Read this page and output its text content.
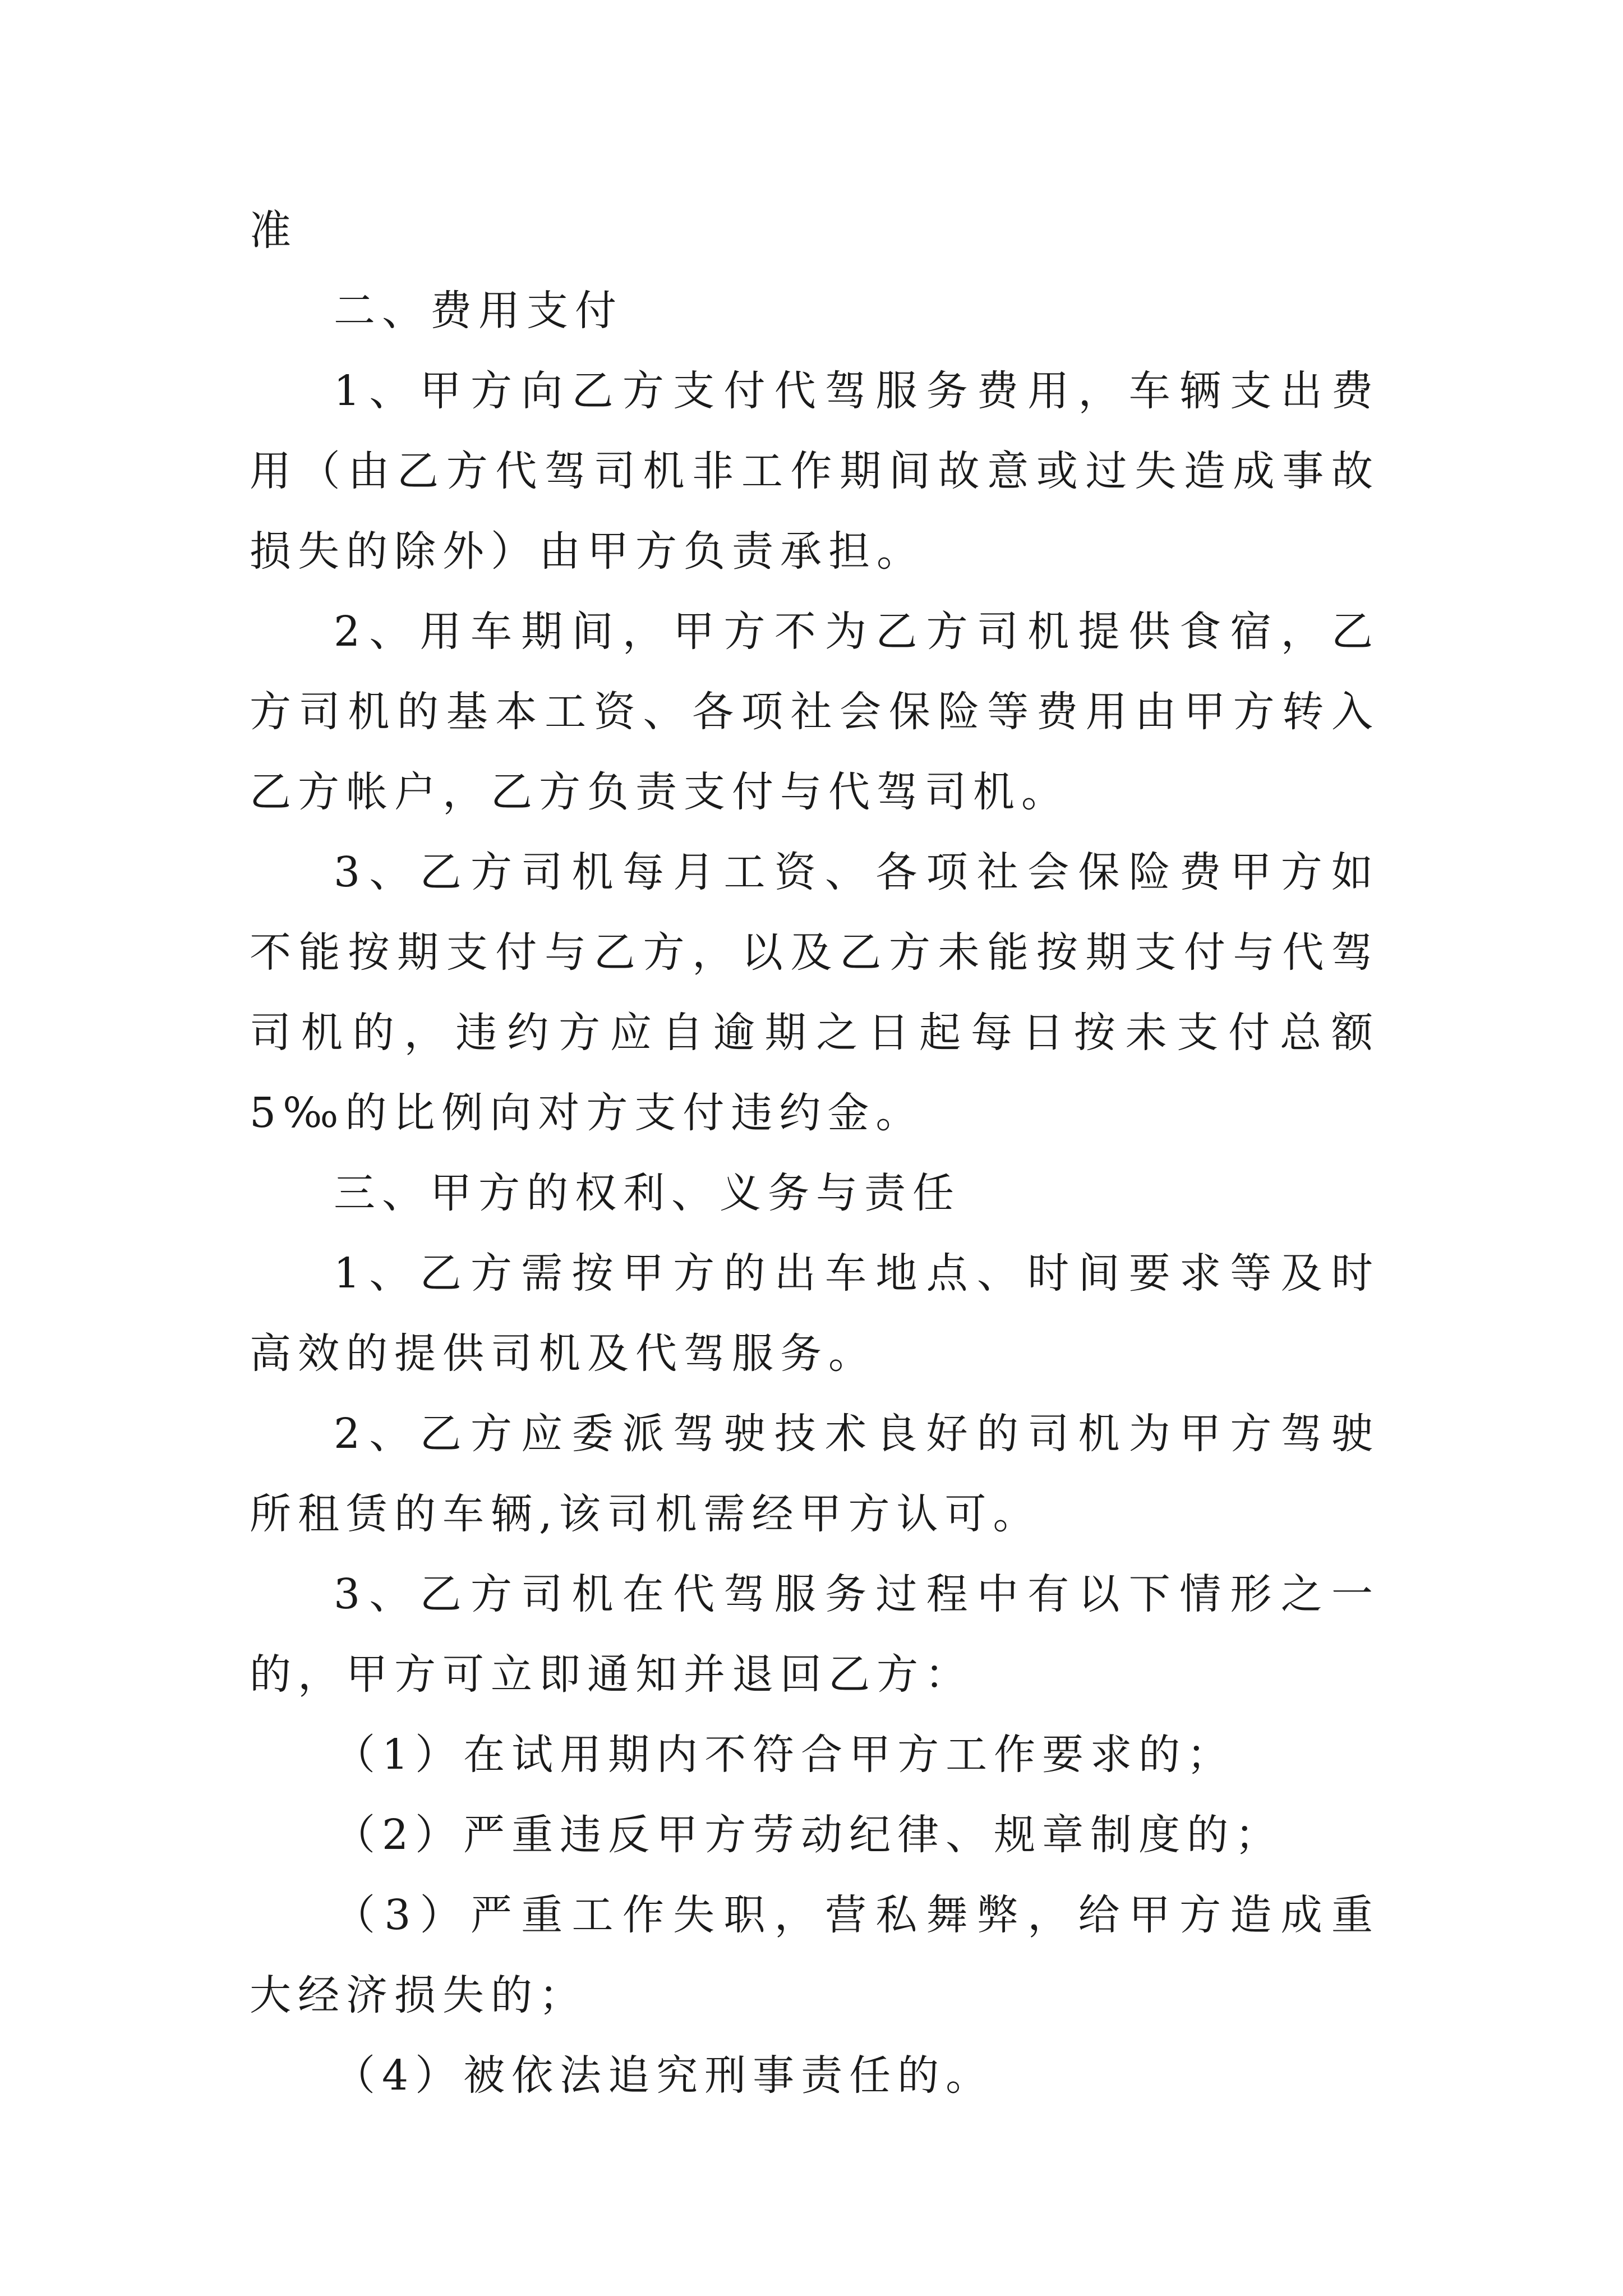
准

二、费用支付

1、甲方向乙方支付代驾服务费用，车辆支出费用（由乙方代驾司机非工作期间故意或过失造成事故损失的除外）由甲方负责承担。

2、用车期间，甲方不为乙方司机提供食宿，乙方司机的基本工资、各项社会保险等费用由甲方转入乙方帐户，乙方负责支付与代驾司机。

3、乙方司机每月工资、各项社会保险费甲方如不能按期支付与乙方，以及乙方未能按期支付与代驾司机的，违约方应自逾期之日起每日按未支付总额5‰的比例向对方支付违约金。

三、甲方的权利、义务与责任

1、乙方需按甲方的出车地点、时间要求等及时高效的提供司机及代驾服务。

2、乙方应委派驾驶技术良好的司机为甲方驾驶所租赁的车辆,该司机需经甲方认可。

3、乙方司机在代驾服务过程中有以下情形之一的，甲方可立即通知并退回乙方：

（1）在试用期内不符合甲方工作要求的；

（2）严重违反甲方劳动纪律、规章制度的；

（3）严重工作失职，营私舞弊，给甲方造成重大经济损失的；

（4）被依法追究刑事责任的。
